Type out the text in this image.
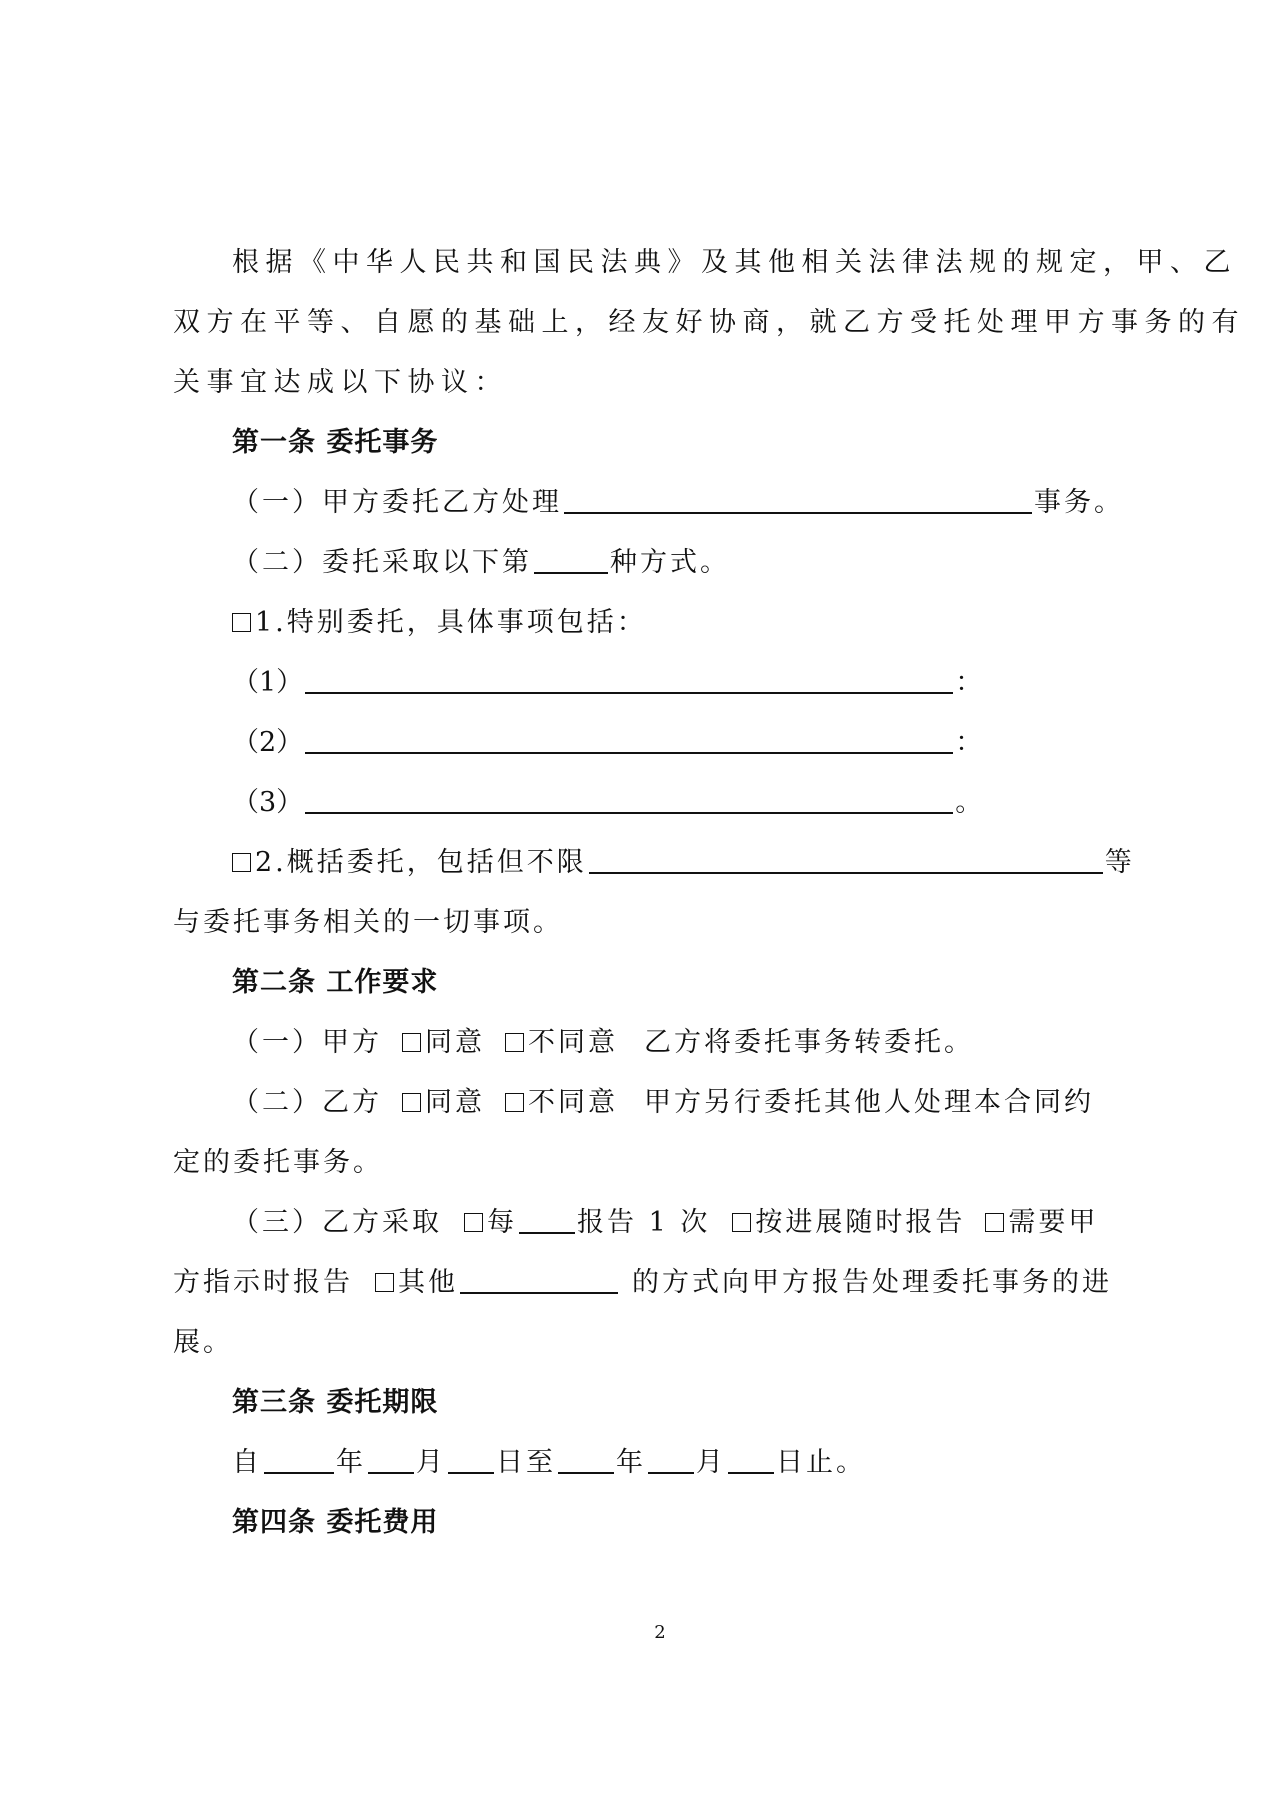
根据《中华人民共和国民法典》及其他相关法律法规的规定，甲、乙
双方在平等、自愿的基础上，经友好协商，就乙方受托处理甲方事务的有
关事宜达成以下协议：
第一条 委托事务
（一）甲方委托乙方处理	事务。
（二）委托采取以下第	种方式。
1.特别委托，具体事项包括：
（1）	：
（2）	：
（3）	。
2.概括委托，包括但不限	等
与委托事务相关的一切事项。
第二条 工作要求
（一）甲方 同意 不同意 乙方将委托事务转委托。
（二）乙方 同意 不同意 甲方另行委托其他人处理本合同约
定的委托事务。
（三）乙方采取 每 报告 1 次 按进展随时报告 需要甲
方指示时报告 其他	的方式向甲方报告处理委托事务的进
展。
第三条 委托期限
自	年 月 日至 年 月 日止。
第四条 委托费用
2
